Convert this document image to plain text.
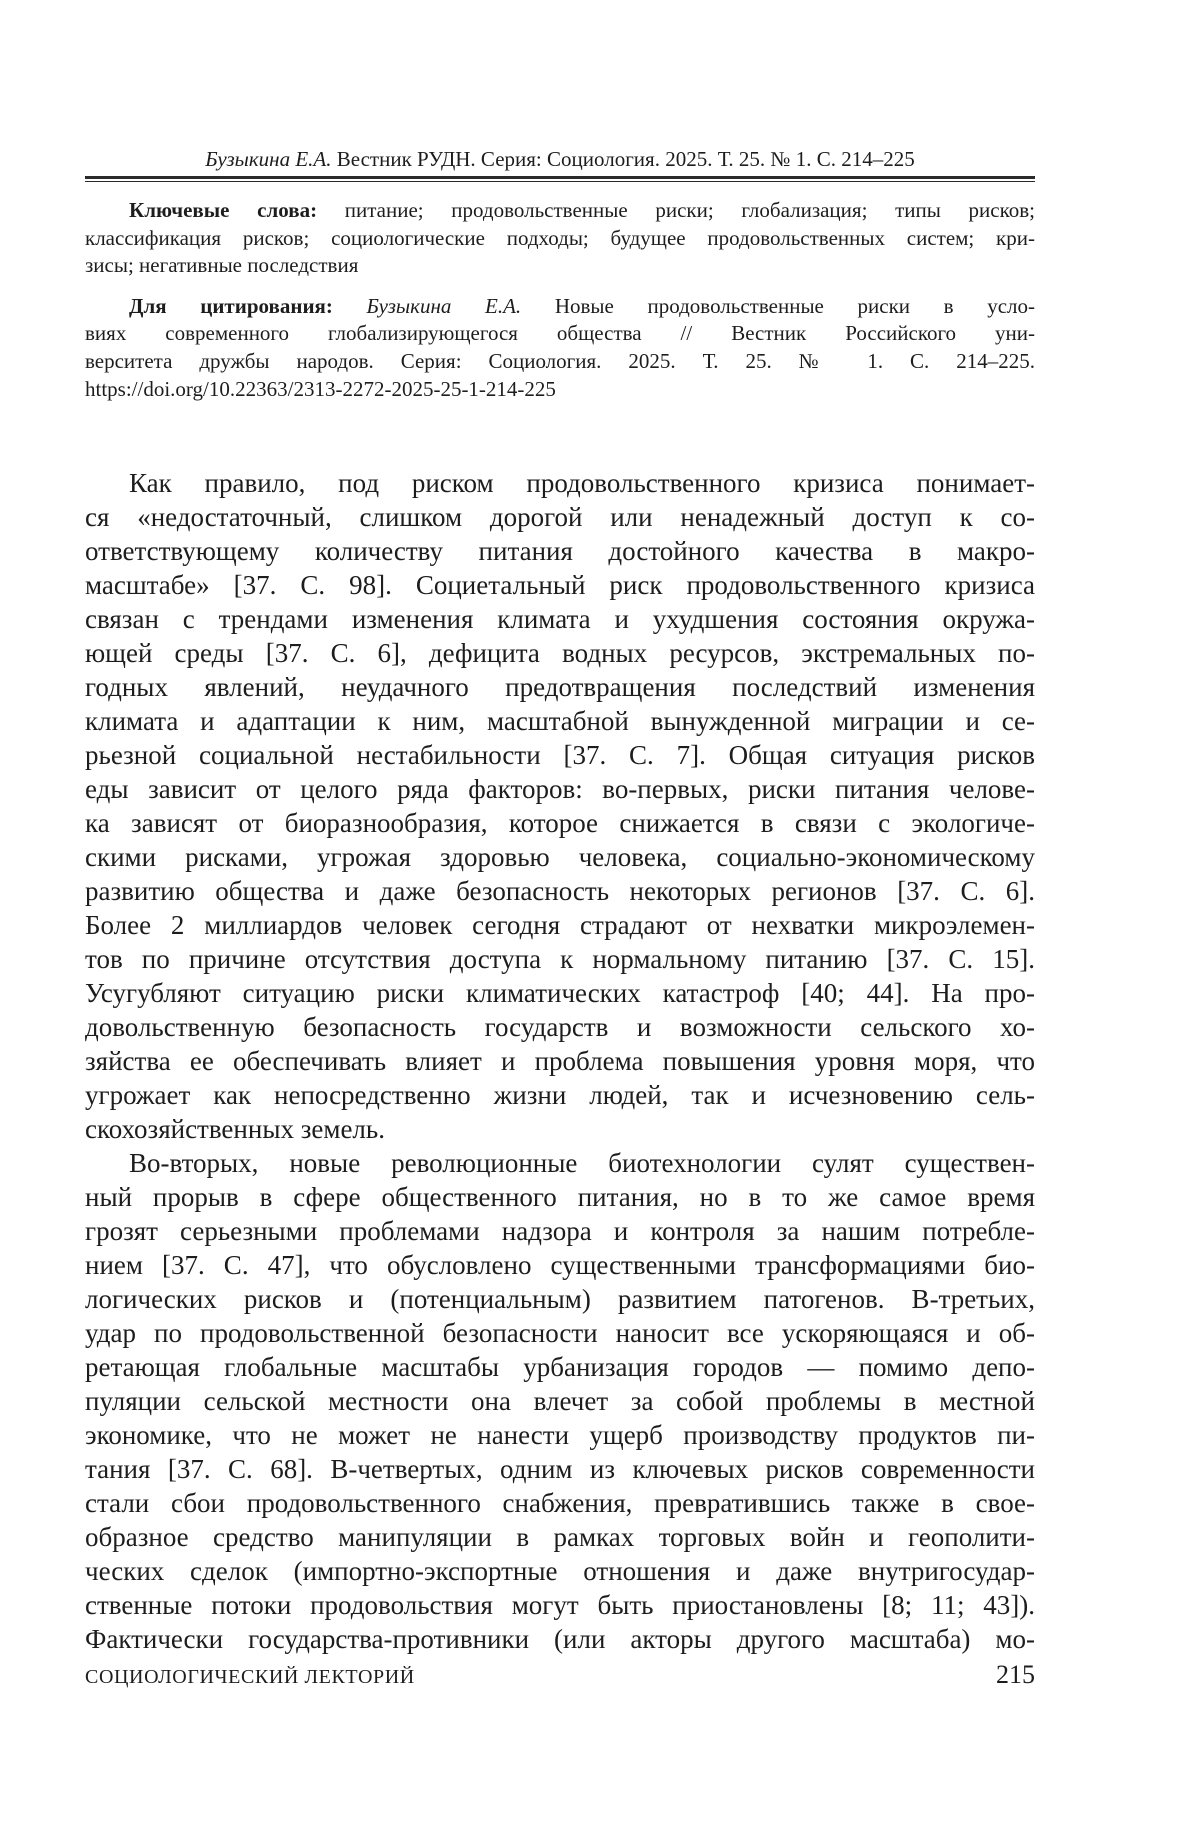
Бузыкина Е.А. Вестник РУДН. Серия: Социология. 2025. Т. 25. № 1. С. 214–225
Ключевые слова: питание; продовольственные риски; глобализация; типы рисков;
классификация рисков; социологические подходы; будущее продовольственных систем; кри-
зисы; негативные последствия
Для цитирования: Бузыкина Е.А. Новые продовольственные риски в усло-
виях современного глобализирующегося общества // Вестник Российского уни-
верситета дружбы народов. Серия: Социология. 2025. Т. 25. № 1. С. 214–225.
https://doi.org/10.22363/2313-2272-2025-25-1-214-225
Как правило, под риском продовольственного кризиса понимает-
ся «недостаточный, слишком дорогой или ненадежный доступ к со-
ответствующему количеству питания достойного качества в макро-
масштабе» [37. С. 98]. Социетальный риск продовольственного кризиса
связан с трендами изменения климата и ухудшения состояния окружа-
ющей среды [37. С. 6], дефицита водных ресурсов, экстремальных по-
годных явлений, неудачного предотвращения последствий изменения
климата и адаптации к ним, масштабной вынужденной миграции и се-
рьезной социальной нестабильности [37. С. 7]. Общая ситуация рисков
еды зависит от целого ряда факторов: во-первых, риски питания челове-
ка зависят от биоразнообразия, которое снижается в связи с экологиче-
скими рисками, угрожая здоровью человека, социально-экономическому
развитию общества и даже безопасность некоторых регионов [37. С. 6].
Более 2 миллиардов человек сегодня страдают от нехватки микроэлемен-
тов по причине отсутствия доступа к нормальному питанию [37. С. 15].
Усугубляют ситуацию риски климатических катастроф [40; 44]. На про-
довольственную безопасность государств и возможности сельского хо-
зяйства ее обеспечивать влияет и проблема повышения уровня моря, что
угрожает как непосредственно жизни людей, так и исчезновению сель-
скохозяйственных земель.
Во-вторых, новые революционные биотехнологии сулят существен-
ный прорыв в сфере общественного питания, но в то же самое время
грозят серьезными проблемами надзора и контроля за нашим потребле-
нием [37. С. 47], что обусловлено существенными трансформациями био-
логических рисков и (потенциальным) развитием патогенов. В-третьих,
удар по продовольственной безопасности наносит все ускоряющаяся и об-
ретающая глобальные масштабы урбанизация городов — помимо депо-
пуляции сельской местности она влечет за собой проблемы в местной
экономике, что не может не нанести ущерб производству продуктов пи-
тания [37. С. 68]. В-четвертых, одним из ключевых рисков современности
стали сбои продовольственного снабжения, превратившись также в свое-
образное средство манипуляции в рамках торговых войн и геополити-
ческих сделок (импортно-экспортные отношения и даже внутригосудар-
ственные потоки продовольствия могут быть приостановлены [8; 11; 43]).
Фактически государства-противники (или акторы другого масштаба) мо-
СОЦИОЛОГИЧЕСКИЙ ЛЕКТОРИЙ	215
